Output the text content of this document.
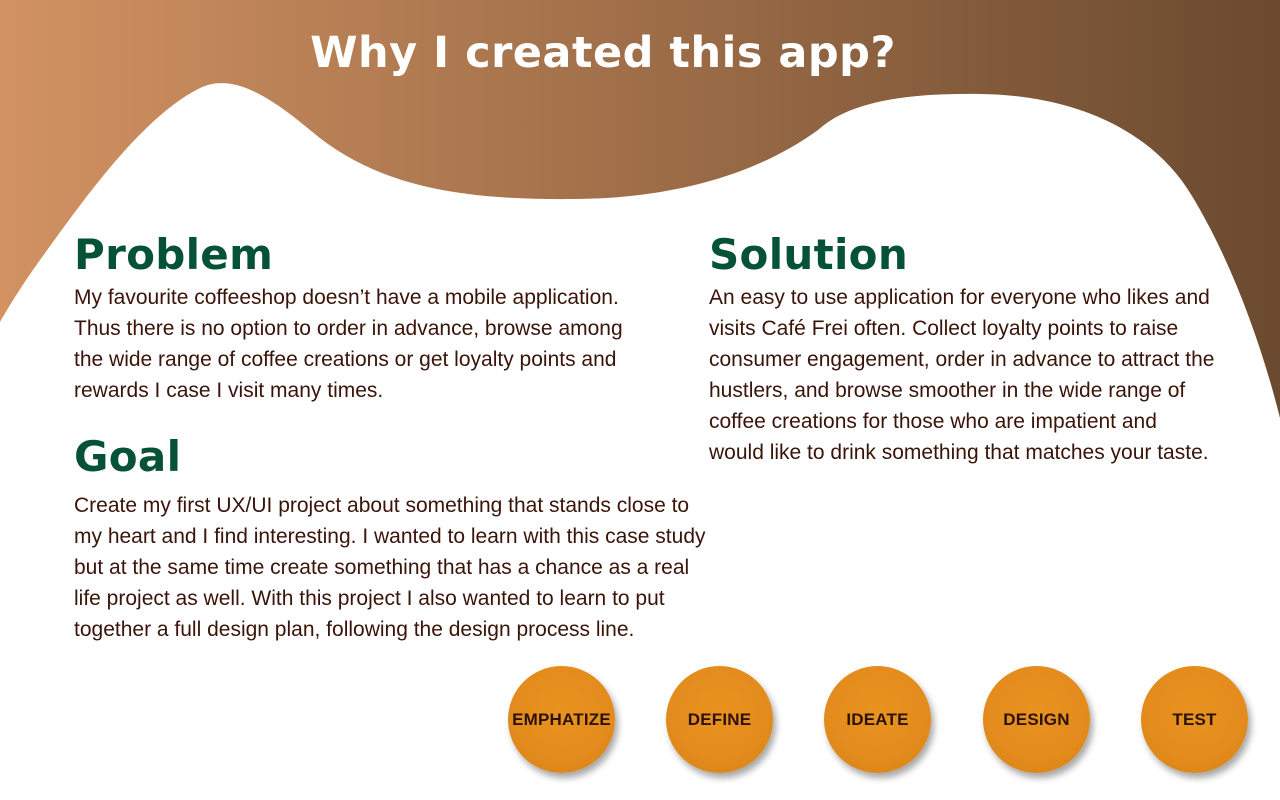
Why I created this app?
Problem

My favourite coffeeshop doesn’t have a mobile application.
Thus there is no option to order in advance, browse among
the wide range of coffee creations or get loyalty points and
rewards I case I visit many times.

Solution

An easy to use application for everyone who likes and
visits Café Frei often. Collect loyalty points to raise
consumer engagement, order in advance to attract the
hustlers, and browse smoother in the wide range of
coffee creations for those who are impatient and
would like to drink something that matches your taste.

Goal

Create my first UX/UI project about something that stands close to
my heart and I find interesting. I wanted to learn with this case study
but at the same time create something that has a chance as a real
life project as well. With this project I also wanted to learn to put
together a full design plan, following the design process line.

EMPHATIZE	DEFINE	IDEATE	DESIGN	TEST
